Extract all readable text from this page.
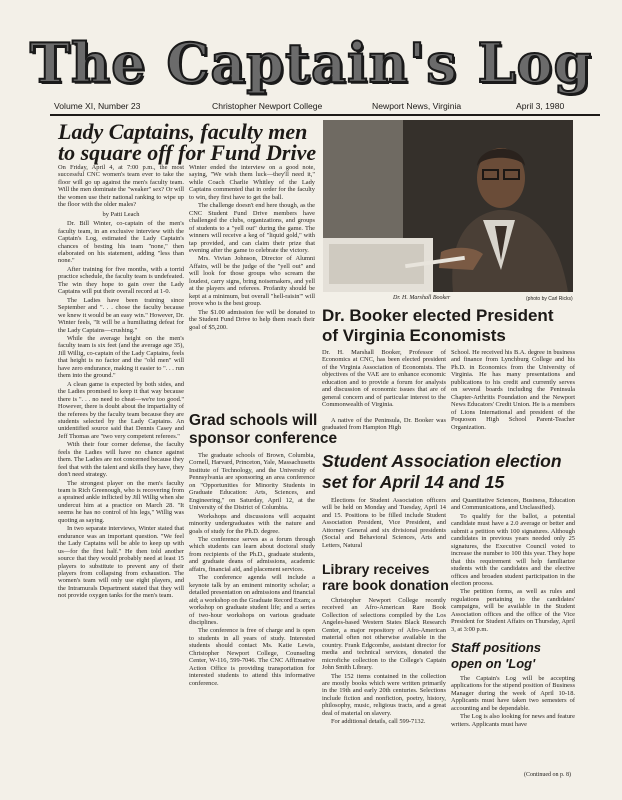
The Captain's Log
Volume XI, Number 23	Christopher Newport College	Newport News, Virginia	April 3, 1980
Lady Captains, faculty men
to square off for Fund Drive

On Friday, April 4, at 7:00 p.m., the most successful CNC women's team ever to take the floor will go up against the men's faculty team. Will the men dominate the "weaker" sex? Or will the women use their national ranking to wipe up the floor with the older males?

by Patti Leach

Dr. Bill Winter, co-captain of the men's faculty team, in an exclusive interview with the Captain's Log, estimated the Lady Captain's chances of besting his team "none," then elaborated on his statement, adding "less than none."

After training for five months, with a torrid practice schedule, the faculty team is undefeated. The win they hope to gain over the Lady Captains will put their overall record at 1-0.

The Ladies have been training since September and ". . . chose the faculty because we knew it would be an easy win." However, Dr. Winter feels, "It will be a humiliating defeat for the Lady Captains—crushing."

While the average height on the men's faculty team is six feet (and the average age 35), Jill Willig, co-captain of the Lady Captains, feels that height is no factor and the "old men" will have zero endurance, making it easier to ". . . run them into the ground."

A clean game is expected by both sides, and the Ladies promised to keep it that way because there is ". . . no need to cheat—we're too good." However, there is doubt about the impartiality of the referees by the faculty team because they are students selected by the Lady Captains. An unidentified source said that Dennis Casey and Jeff Thomas are "two very competent referees."

With their four corner defense, the faculty feels the Ladies will have no chance against them. The Ladies are not concerned because they feel that with the talent and skills they have, they don't need strategy.

The strongest player on the men's faculty team is Rich Greenough, who is recovering from a sprained ankle inflicted by Jill Willig when she undercut him at a practice on March 28. "It seems he has no control of his legs," Willig was quoting as saying.

In two separate interviews, Winter stated that endurance was an important question. "We feel the Lady Captains will be able to keep up with us—for the first half." He then told another source that they would probably need at least 15 players to substitute to prevent any of their players from collapsing from exhaustion. The women's team will only use eight players, and the Intramurals Department stated that they will not provide oxygen tanks for the men's team.

Winter ended the interview on a good note, saying, "We wish them luck—they'll need it," while Coach Charlie Whitley of the Lady Captains commented that in order for the faculty to win, they first have to get the ball.

The challenge doesn't end here though, as the CNC Student Fund Drive members have challenged the clubs, organizations, and groups of students to a "yell out" during the game. The winners will receive a keg of "liquid gold," with tap provided, and can claim their prize that evening after the game to celebrate the victory.

Mrs. Vivian Johnson, Director of Alumni Affairs, will be the judge of the "yell out" and will look for those groups who scream the loudest, carry signs, bring noisemakers, and yell at the players and referees. Profanity should be kept at a minimum, but overall "hell-raisin'" will prove who is the best group.

The $1.00 admission fee will be donated to the Student Fund Drive to help them reach their goal of $5,200.

Grad schools will
sponsor conference

The graduate schools of Brown, Columbia, Cornell, Harvard, Princeton, Yale, Massachusetts Institute of Technology, and the University of Pennsylvania are sponsoring an area conference on "Opportunities for Minority Students in Graduate Education: Arts, Sciences, and Engineering," on Saturday, April 12, at the University of the District of Columbia.

Workshops and discussions will acquaint minority undergraduates with the nature and goals of study for the Ph.D. degree.

The conference serves as a forum through which students can learn about doctoral study from recipients of the Ph.D., graduate students, and graduate deans of admissions, academic affairs, financial aid, and placement services.

The conference agenda will include a keynote talk by an eminent minority scholar; a detailed presentation on admissions and financial aid; a workshop on the Graduate Record Exam; a workshop on graduate student life; and a series of two-hour workshops on various graduate disciplines.

The conference is free of charge and is open to students in all years of study. Interested students should contact Ms. Katie Lewis, Christopher Newport College, Counseling Center, W-116, 599-7046. The CNC Affirmative Action Office is providing transportation for interested students to attend this informative conference.

Dr. H. Marshall Booker	(photo by Carl Ricks)
Dr. Booker elected President
of Virginia Economists

Dr. H. Marshall Booker, Professor of Economics at CNC, has been elected president of the Virginia Association of Economists. The objectives of the VAE are to enhance economic education and to provide a forum for analysis and discussion of economic issues that are of general concern and of particular interest to the Commonwealth of Virginia.

A native of the Peninsula, Dr. Booker was graduated from Hampton High

School. He received his B.A. degree in business and finance from Lynchburg College and his Ph.D. in Economics from the University of Virginia. He has many presentations and publications to his credit and currently serves on several boards including the Peninsula Chapter-Arthritis Foundation and the Newport News Educators' Credit Union. He is a members of Lions International and president of the Poquoson High School Parent-Teacher Organization.

Student Association election
set for April 14 and 15

Elections for Student Association officers will be held on Monday and Tuesday, April 14 and 15. Positions to be filled include Student Association President, Vice President, and Attorney General and six divisional presidents (Social and Behavioral Sciences, Arts and Letters, Natural

and Quantitative Sciences, Business, Education and Communications, and Unclassified).

To qualify for the ballot, a potential candidate must have a 2.0 average or better and submit a petition with 100 signatures. Although candidates in previous years needed only 25 signatures, the Executive Council voted to increase the number to 100 this year. They hope that this requirement will help familiarize students with the candidates and the elective offices and broaden student participation in the election process.

The petition forms, as well as rules and regulations pertaining to the candidates' campaigns, will be available in the Student Association offices and the office of the Vice President for Student Affairs on Thursday, April 3, at 3:00 p.m.

Library receives
rare book donation

Christopher Newport College recently received an Afro-American Rare Book Collection of selections compiled by the Los Angeles-based Western States Black Research Center, a major repository of Afro-American material often not otherwise available in the country. Frank Edgcombe, assistant director for media and technical services, donated the microfiche collection to the College's Captain John Smith Library.

The 152 items contained in the collection are mostly books which were written primarily in the 19th and early 20th centuries. Selections include fiction and nonfiction, poetry, history, philosophy, music, religious tracts, and a great deal of material on slavery.

For additional details, call 599-7132.

Staff positions
open on 'Log'

The Captain's Log will be accepting applications for the stipend position of Business Manager during the week of April 10-18. Applicants must have taken two semesters of accounting and be dependable.

The Log is also looking for news and feature writers. Applicants must have

(Continued on p. 8)
